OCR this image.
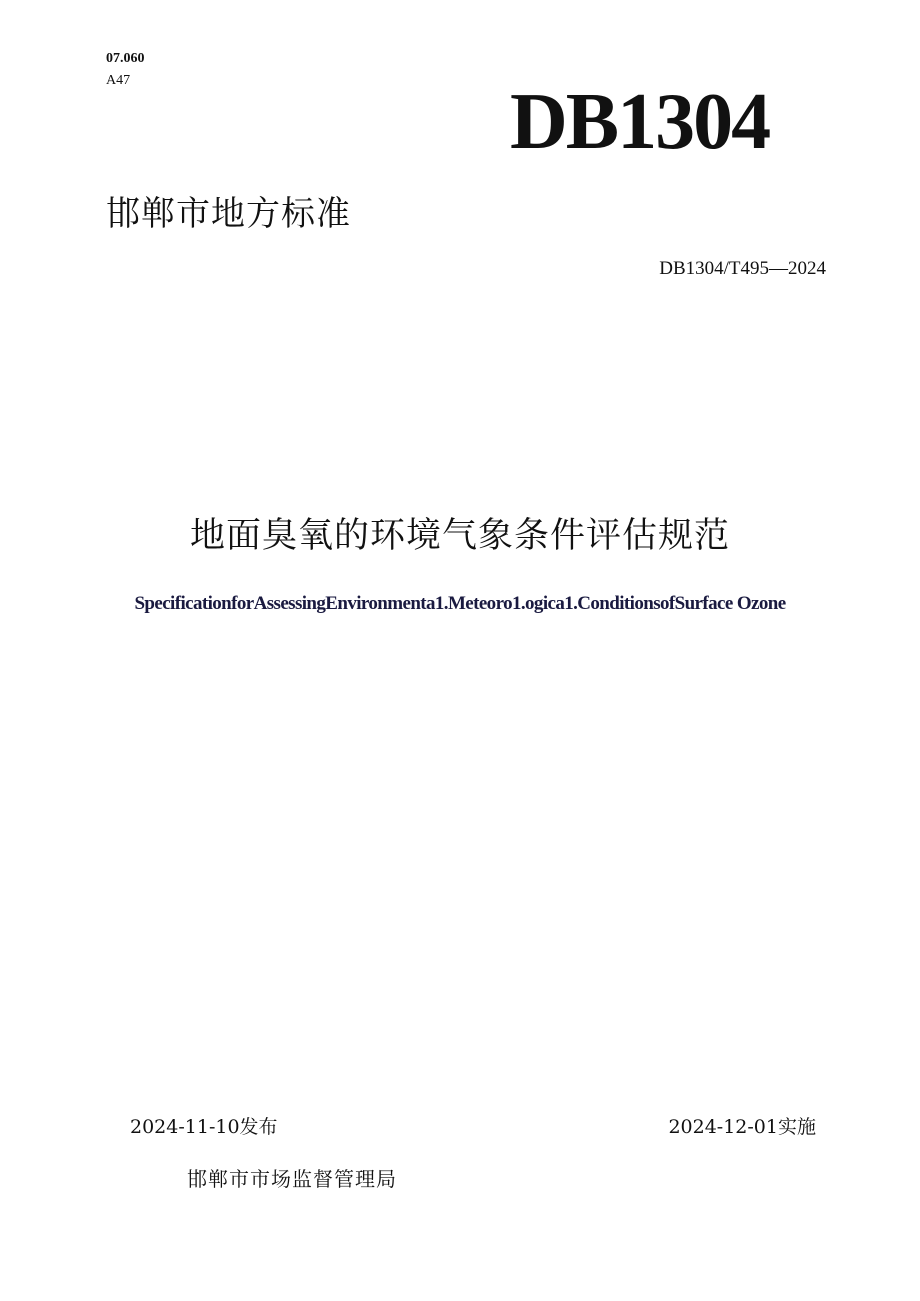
07.060
A47	DB1304
邯郸市地方标准
DB1304/T495—2024
地面臭氧的环境气象条件评估规范
SpecificationforAssessingEnvironmenta1.Meteoro1.ogica1.ConditionsofSurface Ozone
2024-11-10发布	2024-12-01实施
邯郸市市场监督管理局
